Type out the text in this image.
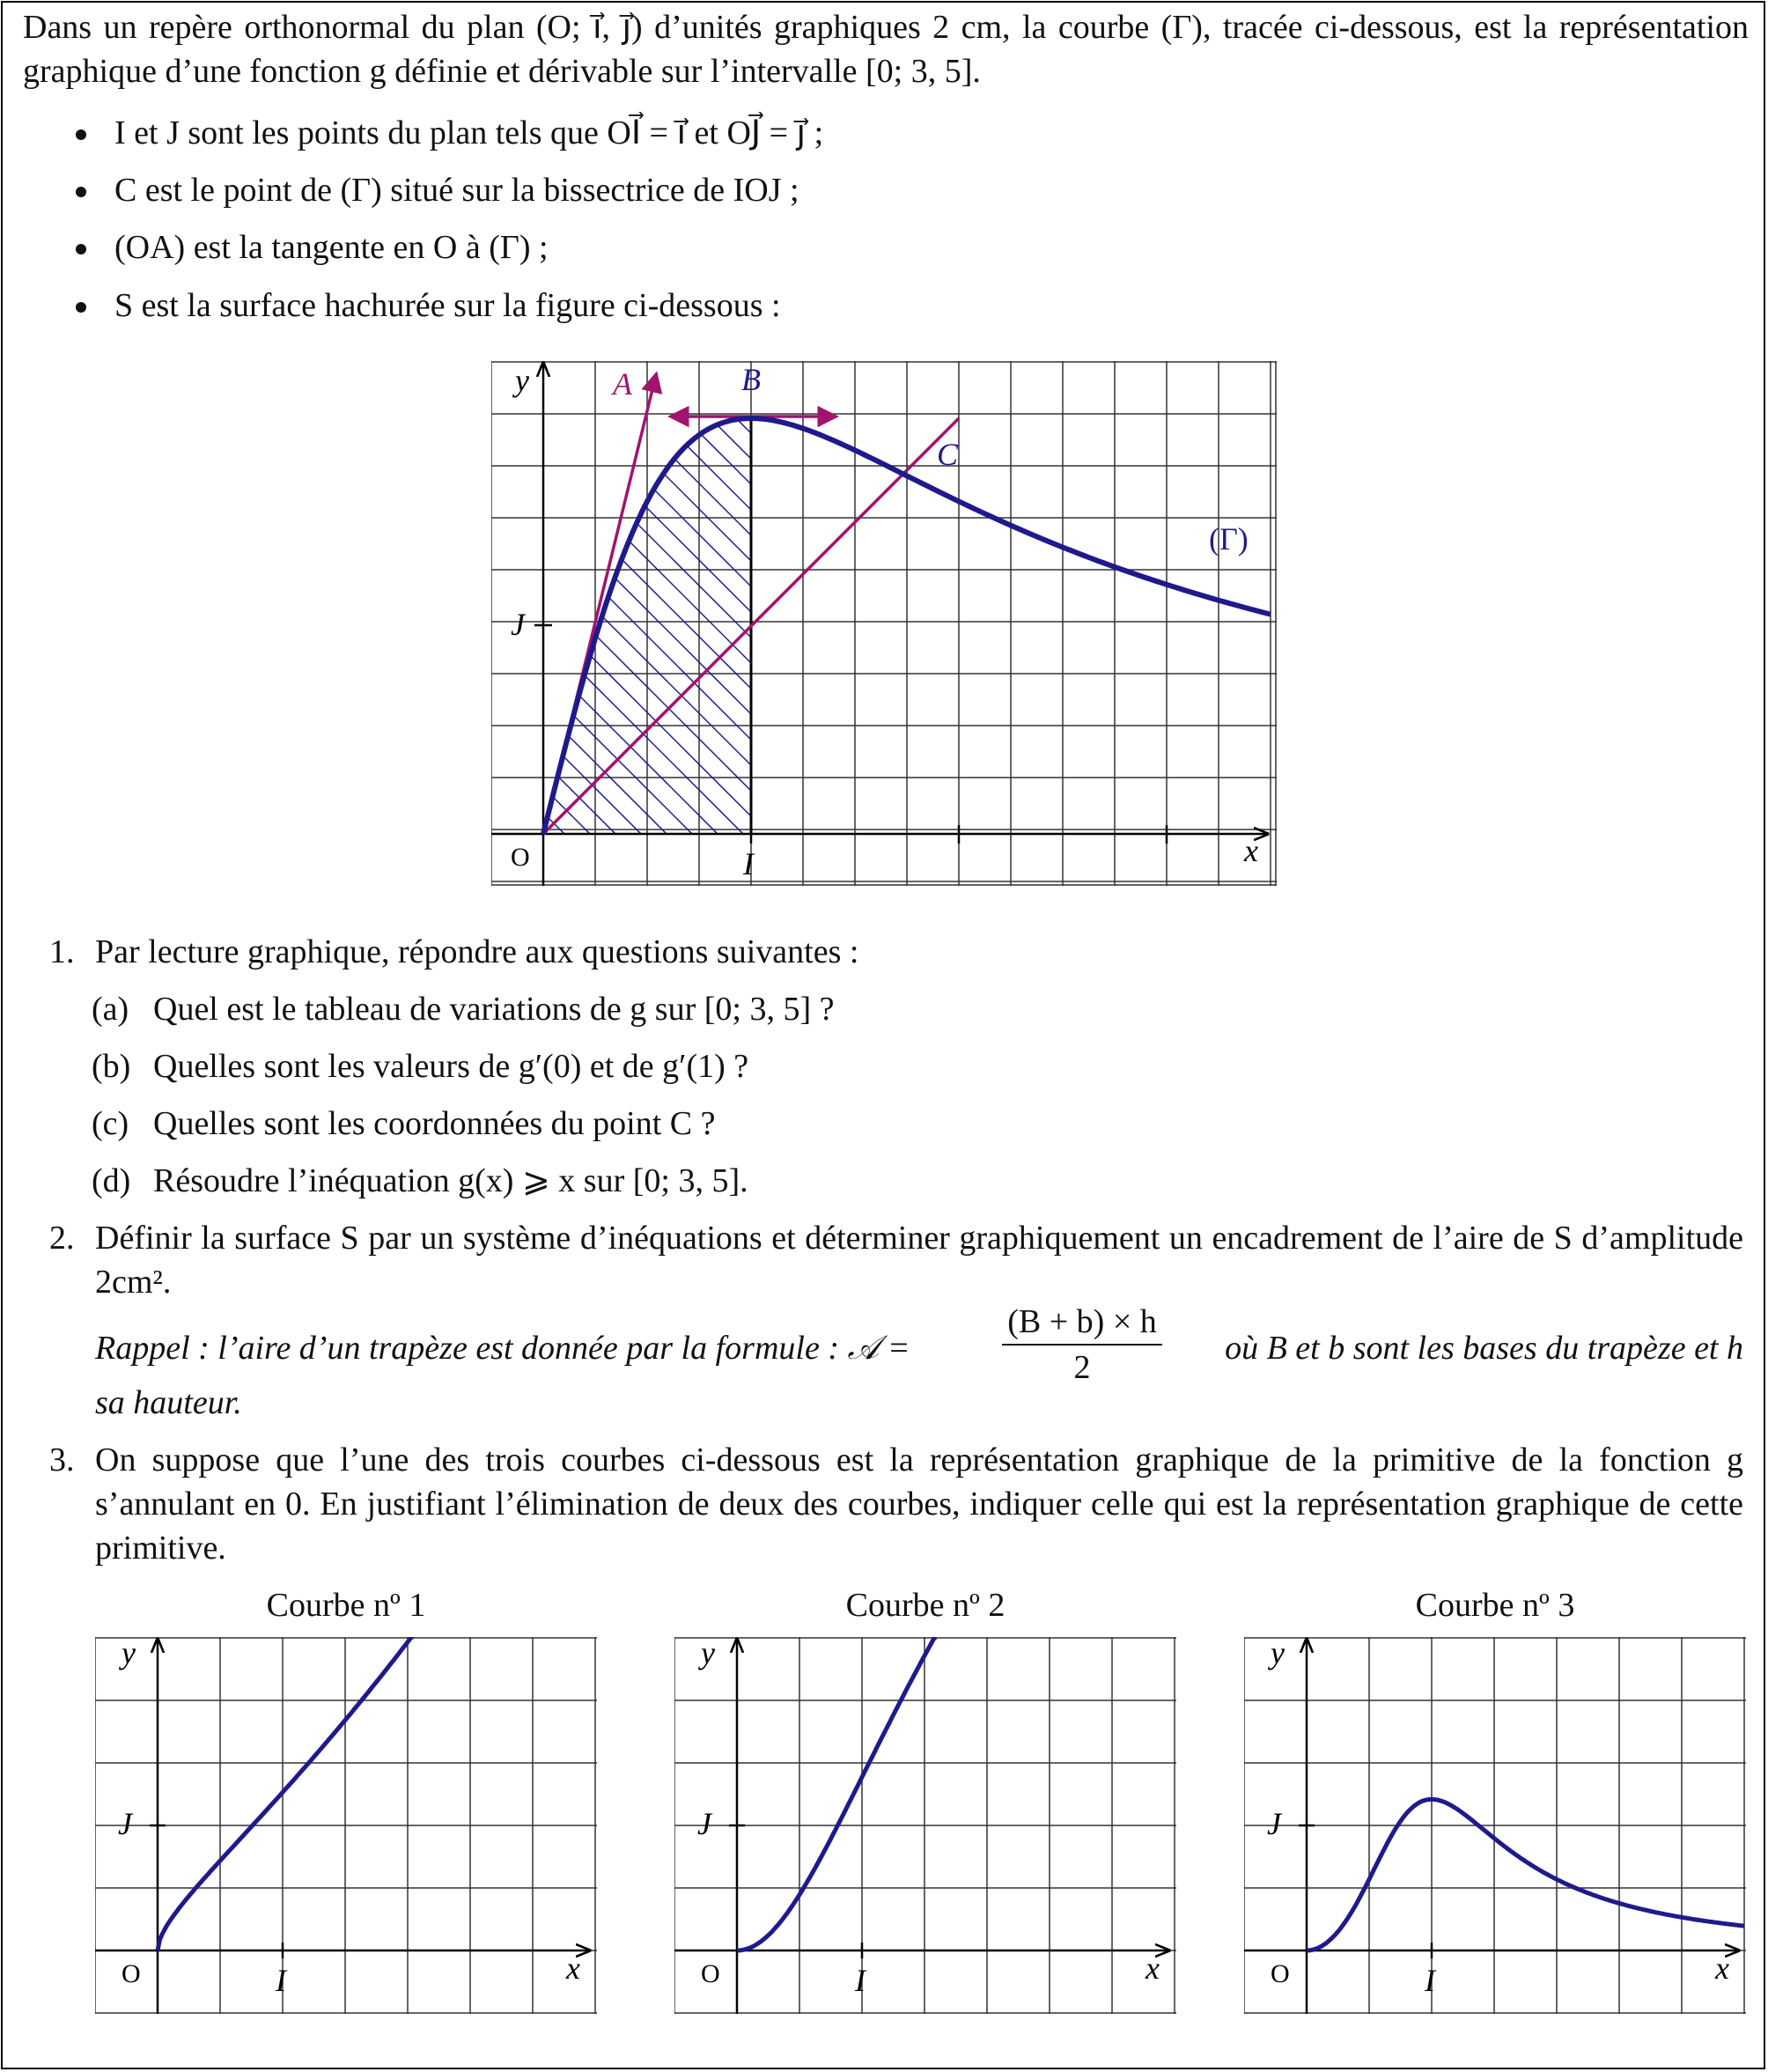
Dans un repère orthonormal du plan (O; i⃗, j⃗) d’unités graphiques 2 cm, la courbe (Γ), tracée ci-dessous, est la représentation graphique d’une fonction g définie et dérivable sur l’intervalle [0; 3, 5].
I et J sont les points du plan tels que OI⃗ = i⃗ et OJ⃗ = j⃗ ;
C est le point de (Γ) situé sur la bissectrice de IOJ ;
(OA) est la tangente en O à (Γ) ;
S est la surface hachurée sur la figure ci-dessous :
y	A	B
C
(Γ)
J
O	I	x
1. Par lecture graphique, répondre aux questions suivantes :
(a) Quel est le tableau de variations de g sur [0; 3, 5] ?
(b) Quelles sont les valeurs de g′(0) et de g′(1) ?
(c) Quelles sont les coordonnées du point C ?
(d) Résoudre l’inéquation g(x) ⩾ x sur [0; 3, 5].
2. Définir la surface S par un système d’inéquations et déterminer graphiquement un encadrement de l’aire de S d’amplitude 2cm².
Rappel : l’aire d’un trapèze est donnée par la formule : 𝒜 =
(B + b) × h
2
où B et b sont les bases du trapèze et h
sa hauteur.
3. On suppose que l’une des trois courbes ci-dessous est la représentation graphique de la primitive de la fonction g s’annulant en 0. En justifiant l’élimination de deux des courbes, indiquer celle qui est la représentation graphique de cette primitive.
Courbe nº 1	Courbe nº 2	Courbe nº 3
y
J
O	I	x
y
J
O	I	x
y
J
O	I	x
